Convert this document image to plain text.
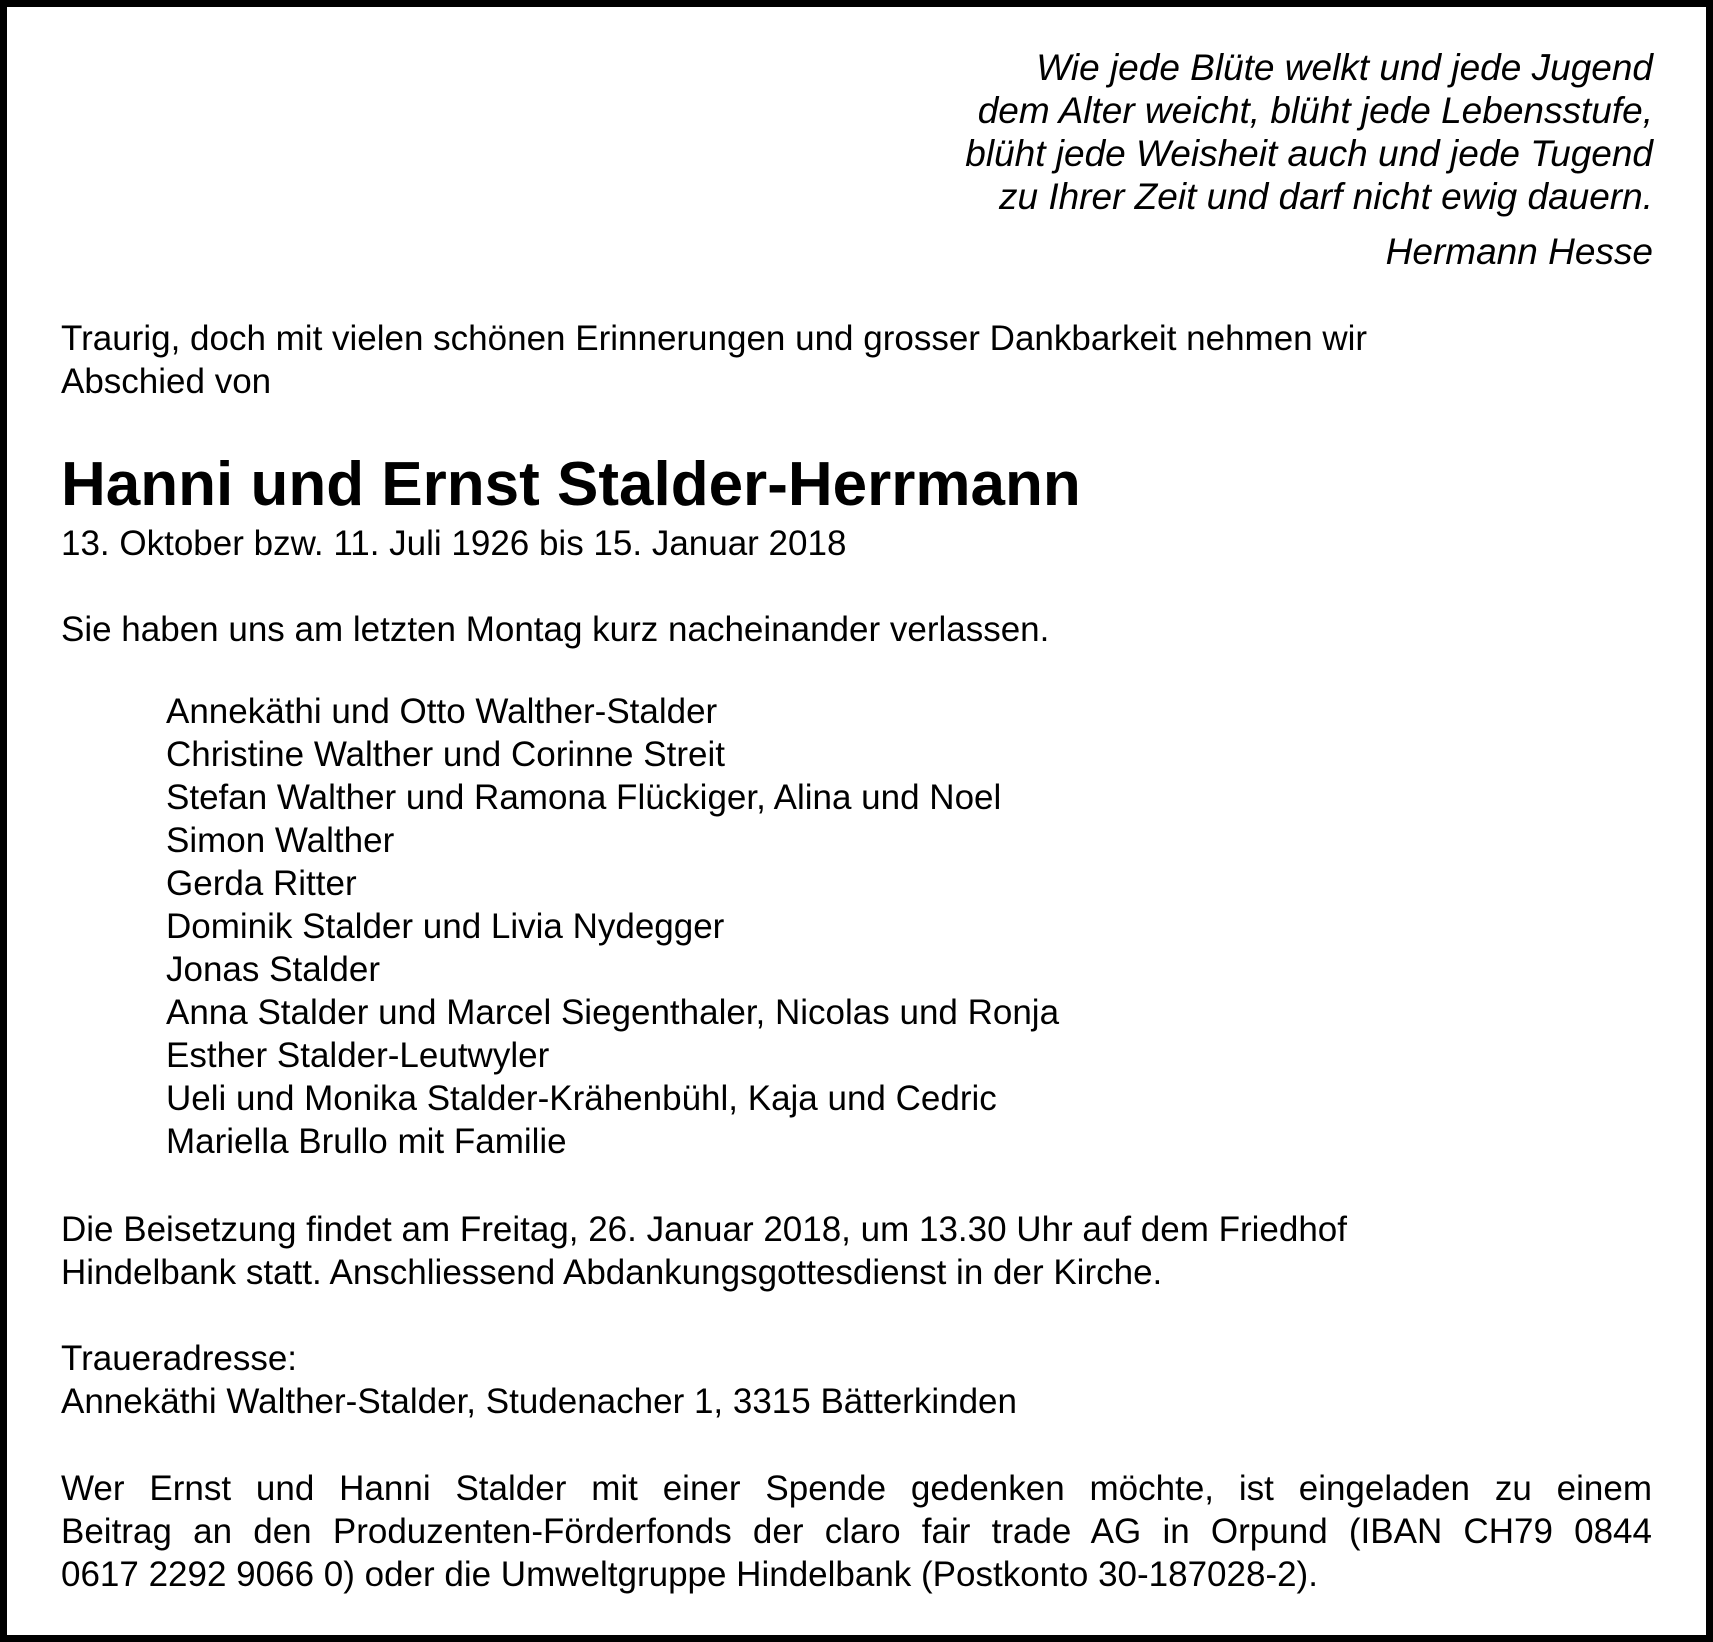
Wie jede Blüte welkt und jede Jugend
dem Alter weicht, blüht jede Lebensstufe,
blüht jede Weisheit auch und jede Tugend
zu Ihrer Zeit und darf nicht ewig dauern.
Hermann Hesse

Traurig, doch mit vielen schönen Erinnerungen und grosser Dankbarkeit nehmen wir

Abschied von

Hanni und Ernst Stalder-Herrmann

13. Oktober bzw. 11. Juli 1926 bis 15. Januar 2018

Sie haben uns am letzten Montag kurz nacheinander verlassen.

Annekäthi und Otto Walther-Stalder
Christine Walther und Corinne Streit
Stefan Walther und Ramona Flückiger, Alina und Noel
Simon Walther
Gerda Ritter
Dominik Stalder und Livia Nydegger
Jonas Stalder
Anna Stalder und Marcel Siegenthaler, Nicolas und Ronja
Esther Stalder-Leutwyler
Ueli und Monika Stalder-Krähenbühl, Kaja und Cedric
Mariella Brullo mit Familie

Die Beisetzung findet am Freitag, 26. Januar 2018, um 13.30 Uhr auf dem Friedhof

Hindelbank statt. Anschliessend Abdankungsgottesdienst in der Kirche.

Traueradresse:

Annekäthi Walther-Stalder, Studenacher 1, 3315 Bätterkinden

Wer Ernst und Hanni Stalder mit einer Spende gedenken möchte, ist eingeladen zu einem
Beitrag an den Produzenten-Förderfonds der claro fair trade AG in Orpund (IBAN CH79 0844
0617 2292 9066 0) oder die Umweltgruppe Hindelbank (Postkonto 30-187028-2).
